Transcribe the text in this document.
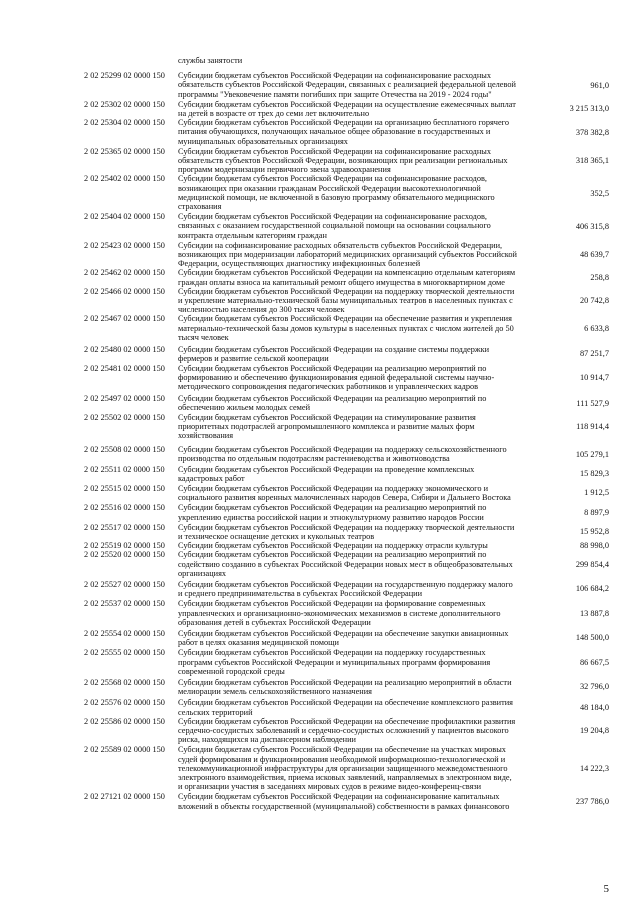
службы занятости
2 02 25299 02 0000 150 Субсидии бюджетам субъектов Российской Федерации на софинансирование расходных обязательств субъектов Российской Федерации, связанных с реализацией федеральной целевой программы "Увековечение памяти погибших при защите Отечества на 2019 - 2024 годы"
961,0
2 02 25302 02 0000 150 Субсидии бюджетам субъектов Российской Федерации на осуществление ежемесячных выплат на детей в возрасте от трех до семи лет включительно
3 215 313,0
2 02 25304 02 0000 150 Субсидии бюджетам субъектов Российской Федерации на организацию бесплатного горячего питания обучающихся, получающих начальное общее образование в государственных и муниципальных образовательных организациях
378 382,8
2 02 25365 02 0000 150 Субсидии бюджетам субъектов Российской Федерации на софинансирование расходных обязательств субъектов Российской Федерации, возникающих при реализации региональных программ модернизации первичного звена здравоохранения
318 365,1
2 02 25402 02 0000 150 Субсидии бюджетам субъектов Российской Федерации на софинансирование расходов, возникающих при оказании гражданам Российской Федерации высокотехнологичной медицинской помощи, не включенной в базовую программу обязательного медицинского страхования
352,5
2 02 25404 02 0000 150 Субсидии бюджетам субъектов Российской Федерации на софинансирование расходов, связанных с оказанием государственной социальной помощи на основании социального контракта отдельным категориям граждан
406 315,8
2 02 25423 02 0000 150 Субсидии на софинансирование расходных обязательств субъектов Российской Федерации, возникающих при модернизации лабораторий медицинских организаций субъектов Российской Федерации, осуществляющих диагностику инфекционных болезней
48 639,7
2 02 25462 02 0000 150 Субсидии бюджетам субъектов Российской Федерации на компенсацию отдельным категориям граждан оплаты взноса на капитальный ремонт общего имущества в многоквартирном доме
258,8
2 02 25466 02 0000 150 Субсидии бюджетам субъектов Российской Федерации на поддержку творческой деятельности и укрепление материально-технической базы муниципальных театров в населенных пунктах с численностью населения до 300 тысяч человек
20 742,8
2 02 25467 02 0000 150 Субсидии бюджетам субъектов Российской Федерации на обеспечение развития и укрепления материально-технической базы домов культуры в населенных пунктах с числом жителей до 50 тысяч человек
6 633,8
2 02 25480 02 0000 150 Субсидии бюджетам субъектов Российской Федерации на создание системы поддержки фермеров и развитие сельской кооперации
87 251,7
2 02 25481 02 0000 150 Субсидии бюджетам субъектов Российской Федерации на реализацию мероприятий по формированию и обеспечению функционирования единой федеральной системы научно-методического сопровождения педагогических работников и управленческих кадров
10 914,7
2 02 25497 02 0000 150 Субсидии бюджетам субъектов Российской Федерации на реализацию мероприятий по обеспечению жильем молодых семей
111 527,9
2 02 25502 02 0000 150 Субсидии бюджетам субъектов Российской Федерации на стимулирование развития приоритетных подотраслей агропромышленного комплекса и развитие малых форм хозяйствования
118 914,4
2 02 25508 02 0000 150 Субсидии бюджетам субъектов Российской Федерации на поддержку сельскохозяйственного производства по отдельным подотраслям растениеводства и животноводства
105 279,1
2 02 25511 02 0000 150 Субсидии бюджетам субъектов Российской Федерации на проведение комплексных кадастровых работ
15 829,3
2 02 25515 02 0000 150 Субсидии бюджетам субъектов Российской Федерации на поддержку экономического и социального развития коренных малочисленных народов Севера, Сибири и Дальнего Востока
1 912,5
2 02 25516 02 0000 150 Субсидии бюджетам субъектов Российской Федерации на реализацию мероприятий по укреплению единства российской нации и этнокультурному развитию народов России
8 897,9
2 02 25517 02 0000 150 Субсидии бюджетам субъектов Российской Федерации на поддержку творческой деятельности и техническое оснащение детских и кукольных театров
15 952,8
2 02 25519 02 0000 150 Субсидии бюджетам субъектов Российской Федерации на поддержку отрасли культуры	88 998,0
2 02 25520 02 0000 150 Субсидии бюджетам субъектов Российской Федерации на реализацию мероприятий по содействию созданию в субъектах Российской Федерации новых мест в общеобразовательных организациях
299 854,4
2 02 25527 02 0000 150 Субсидии бюджетам субъектов Российской Федерации на государственную поддержку малого и среднего предпринимательства в субъектах Российской Федерации
106 684,2
2 02 25537 02 0000 150 Субсидии бюджетам субъектов Российской Федерации на формирование современных управленческих и организационно-экономических механизмов в системе дополнительного образования детей в субъектах Российской Федерации
13 887,8
2 02 25554 02 0000 150 Субсидии бюджетам субъектов Российской Федерации на обеспечение закупки авиационных работ в целях оказания медицинской помощи
148 500,0
2 02 25555 02 0000 150 Субсидии бюджетам субъектов Российской Федерации на поддержку государственных программ субъектов Российской Федерации и муниципальных программ формирования современной городской среды
86 667,5
2 02 25568 02 0000 150 Субсидии бюджетам субъектов Российской Федерации на реализацию мероприятий в области мелиорации земель сельскохозяйственного назначения
32 796,0
2 02 25576 02 0000 150 Субсидии бюджетам субъектов Российской Федерации на обеспечение комплексного развития сельских территорий
48 184,0
2 02 25586 02 0000 150 Субсидии бюджетам субъектов Российской Федерации на обеспечение профилактики развития сердечно-сосудистых заболеваний и сердечно-сосудистых осложнений у пациентов высокого риска, находящихся на диспансерном наблюдении
19 204,8
2 02 25589 02 0000 150 Субсидии бюджетам субъектов Российской Федерации на обеспечение на участках мировых судей формирования и функционирования необходимой информационно-технологической и телекоммуникационной инфраструктуры для организации защищенного межведомственного электронного взаимодействия, приема исковых заявлений, направляемых в электронном виде, и организации участия в заседаниях мировых судов в режиме видео-конференц-связи
14 222,3
2 02 27121 02 0000 150 Субсидии бюджетам субъектов Российской Федерации на софинансирование капитальных вложений в объекты государственной (муниципальной) собственности в рамках финансового
237 786,0
5
